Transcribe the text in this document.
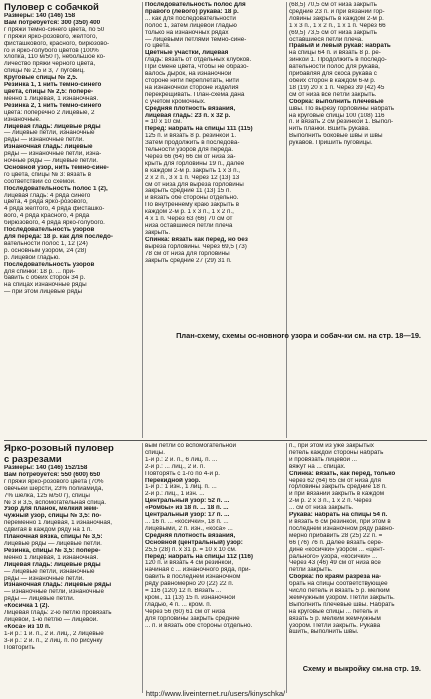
Пуловер с собачкой
Размеры: 140 (146) 158
Вам потребуется: 300 (350) 400
г пряжи темно-синего цвета, по 50
г пряжи ярко-розового, желтого,
фисташкового, красного, бирюзово-
го и ярко-голубого цветов (100%
хлопка, 110 м/50 г), небольшое ко-
личество пряжи черного цвета,
спицы № 2,5 и 3, 7 пуговиц.
Круговые спицы № 2,5.
Резинка 1, 1 нить темно-синего
цвета, спицы № 2,5: попере-
менно 1 лицевая, 1 изнаночная.
Резинка 2, 1 нить темно-синего
цвета: поперечно 2 лицевые, 2
изнаночные.
Лицевая гладь: лицевые ряды
— лицевые петли, изнаночные
ряды — изнаночные петли.
Изнаночная гладь: лицевые
ряды — изнаночные петли, изна-
ночные ряды — лицевые петли.
Основной узор, нить темно-сине-
го цвета, спицы № 3: вязать в
соответствии со схемой.
Последовательность полос 1 (2),
лицевая гладь: 4 ряда синего
цвета, 4 ряда ярко-розового,
4 ряда желтого, 4 ряда фисташко-
вого, 4 ряда красного, 4 ряда
бирюзового, 4 ряда ярко-голубого.
Последовательность узоров
для переда: 18 р. как для последо-
вательности полос 1, 12 (24)
р. основным узором, 24 (28)
р. лицевой гладью.
Последовательность узоров
для спинки: 18 р. ... при-
бавить с обеих сторон 34 р.
на спицах изнаночные ряды
— при этом лицевые ряды
Последовательность полос для
правого (левого) рукава: 18 р.
... как для последовательности
полос 1, затем лицевой гладью
только на изнаночных рядах
— лицевыми петлями темно-сине-
го цвета.
Цветные участки, лицевая
гладь: вязать от отдельных клубков.
При смене цвета, чтобы не образо-
валось дырок, на изнаночной
стороне нити переплетать, нити
на изнаночной стороне изделия
перекрещивать. План-схема дана
с учетом кромочных.
Средняя плотность вязания,
лицевая гладь: 23 п. x 32 р.
= 10 x 10 см.
Перед: набрать на спицы 111 (115)
125 п. и вязать 8 р. резинкой 1.
Затем продолжить в последова-
тельности узоров для переда.
Через 66 (64) 66 см от низа за-
крыть для горловины 19 п., далее
в каждом 2-м р. закрыть 1 x 3 п.,
2 x 2 п., 3 x 1 п. Через 12 (13) 13
см от низа для выреза горловины
закрыть средние 11 (13) 15 п.
и вязать обе стороны отдельно.
По внутреннему краю закрыть в
каждом 2-м р. 1 x 3 п., 1 x 2 п.,
4 x 1 п. Через 63 (66) 70 см от
низа оставшиеся петли плеча
закрыть.
Спинка: вязать как перед, но без
выреза горловины. Через 69,5 (73)
78 см от низа для горловины
закрыть средние 27 (29) 31 п.
(68,5) 70,5 см от низа закрыть
средние 23 п. и при вязании гор-
ловины закрыть в каждом 2-м р.
1 x 3 п., 1 x 2 п., 1 x 1 п. Через 66
(69,5) 73,5 см от низа закрыть
оставшиеся петли плеча.
Правый и левый рукав: набрать
на спицы 64 п. и вязать 8 р. ре-
зинкой 1. Продолжить в последо-
вательности полос для рукава,
прибавляя для скоса рукава с
обеих сторон в каждом 6-м р.
18 (19) 20 x 1 п. Через 39 (42) 45
см от низа все петли закрыть.
Сборка: выполнить плечевые
швы. По вырезу горловины набрать
на круговые спицы 100 (108) 116
п. и вязать 2 см резинкой 1. Выпол-
нить планки. Вшить рукава.
Выполнить боковые швы и швы
рукавов. Пришить пуговицы.

План-схему, схемы ос-новного узора и собач-ки см. на стр. 18—19.
Ярко-розовый пуловер
с разрезами
Размеры: 140 (146) 152/158
Вам потребуется: 550 (600) 650
г пряжи ярко-розового цвета (70%
овечьей шерсти, 23% полиамида,
7% шелка, 125 м/50 г), спицы
№ 3 и 3,5, вспомогательная спица.
Узор для планок, мелкий жем-
чужный узор, спицы № 3,5: по-
переменно 1 лицевая, 1 изнаночная,
сдвигая в каждом ряду на 1 п.
Планочная вязка, спицы № 3,5:
лицевые ряды — лицевые петли.
Резинка, спицы № 3,5: попере-
менно 1 лицевая, 1 изнаночная.
Лицевая гладь: лицевые ряды
— лицевые петли, изнаночные
ряды — изнаночные петли.
Изнаночная гладь: лицевые ряды
— изнаночные петли, изнаночные
ряды — лицевые петли.
«Косичка 1 (2).
Лицевая гладь: 2-ю петлю провязать
лицевой, 1-ю петлю — лицевой.
«Коса» из 10 п.
1-й р.: 1 и. п., 2 и. лиц., 2 лицевые
3-й р.: 2 и. п., 2 лиц. п. по рисунку
Повторить
вым петли со вспомогательной
спицы.
1-й р.: 2 и. п., 6 лиц. п. ...
2-й р.: ... лиц., 2 и. п.
Повторять с 1-го по 4-й р.
Перекидной узор.
1-й р.: 1 изн., 1 лиц. п. ...
2-й р.: лиц., 1 изн. ...
Центральный узор: 52 п. ...
«Ромбы» из 18 п. ... 18 п. ...
Центральный узор: 17 п. ...
... 16 п. ... «косички», 18 п. ...
лицевыми, 2 п. изн., «коса» ...
Средняя плотность вязания,
Основной (центральный) узор:
25,5 (28) п. x 31 р. = 10 x 10 см.
Перед: набрать на спицы 112 (116)
120 п. и вязать 4 см резинкой,
начиная с ... изнаночного ряда, при-
бавить в последнем изнаночном
ряду равномерно 20 (22) 22 п.
= 116 (120) 12 п. Вязать ...
кром., 11 (13) 15 п. изнаночной
гладью, 4 п. ... кром. п.
Через 56 (60) 61 см от низа
для горловины закрыть средние
... п. и вязать обе стороны отдельно.
п., при этом из уже закрытых
петель каждой стороны набрать
и провязать лицевой ...
вяжут на ... спицах.
Спинка: вязать, как перед, только
через 62 (64) 65 см от низа для
горловины закрыть средние 18 п.
и при вязании закрыть в каждом
2-м р. 2 x 3 п., 1 x 2 п. Через
... см от низа закрыть.
Рукава: набрать на спицы 54 п.
и вязать 6 см резинкой, при этом в
последнем изнаночном ряду равно-
мерно прибавить 28 (25) 22 п. =
66 (76) 76 п. Далее вязать сере-
дине «косички» узором ... «цент-
рального» узора, «косички» ...
Через 43 (46) 49 см от низа все
петли закрыть.
Сборка: по краям разреза на-
брать на спицы соответствующее
число петель и вязать 5 р. мелким
жемчужным узором. Петли закрыть.
Выполнить плечевые швы. Набрать
на круговые спицы ... петель и
вязать 5 р. мелким жемчужным
узором. Петли закрыть. Рукава
вшить, выполнить швы.
Схему и выкройку см.на стр. 19.
http://www.liveinternet.ru/users/kinyschka/
